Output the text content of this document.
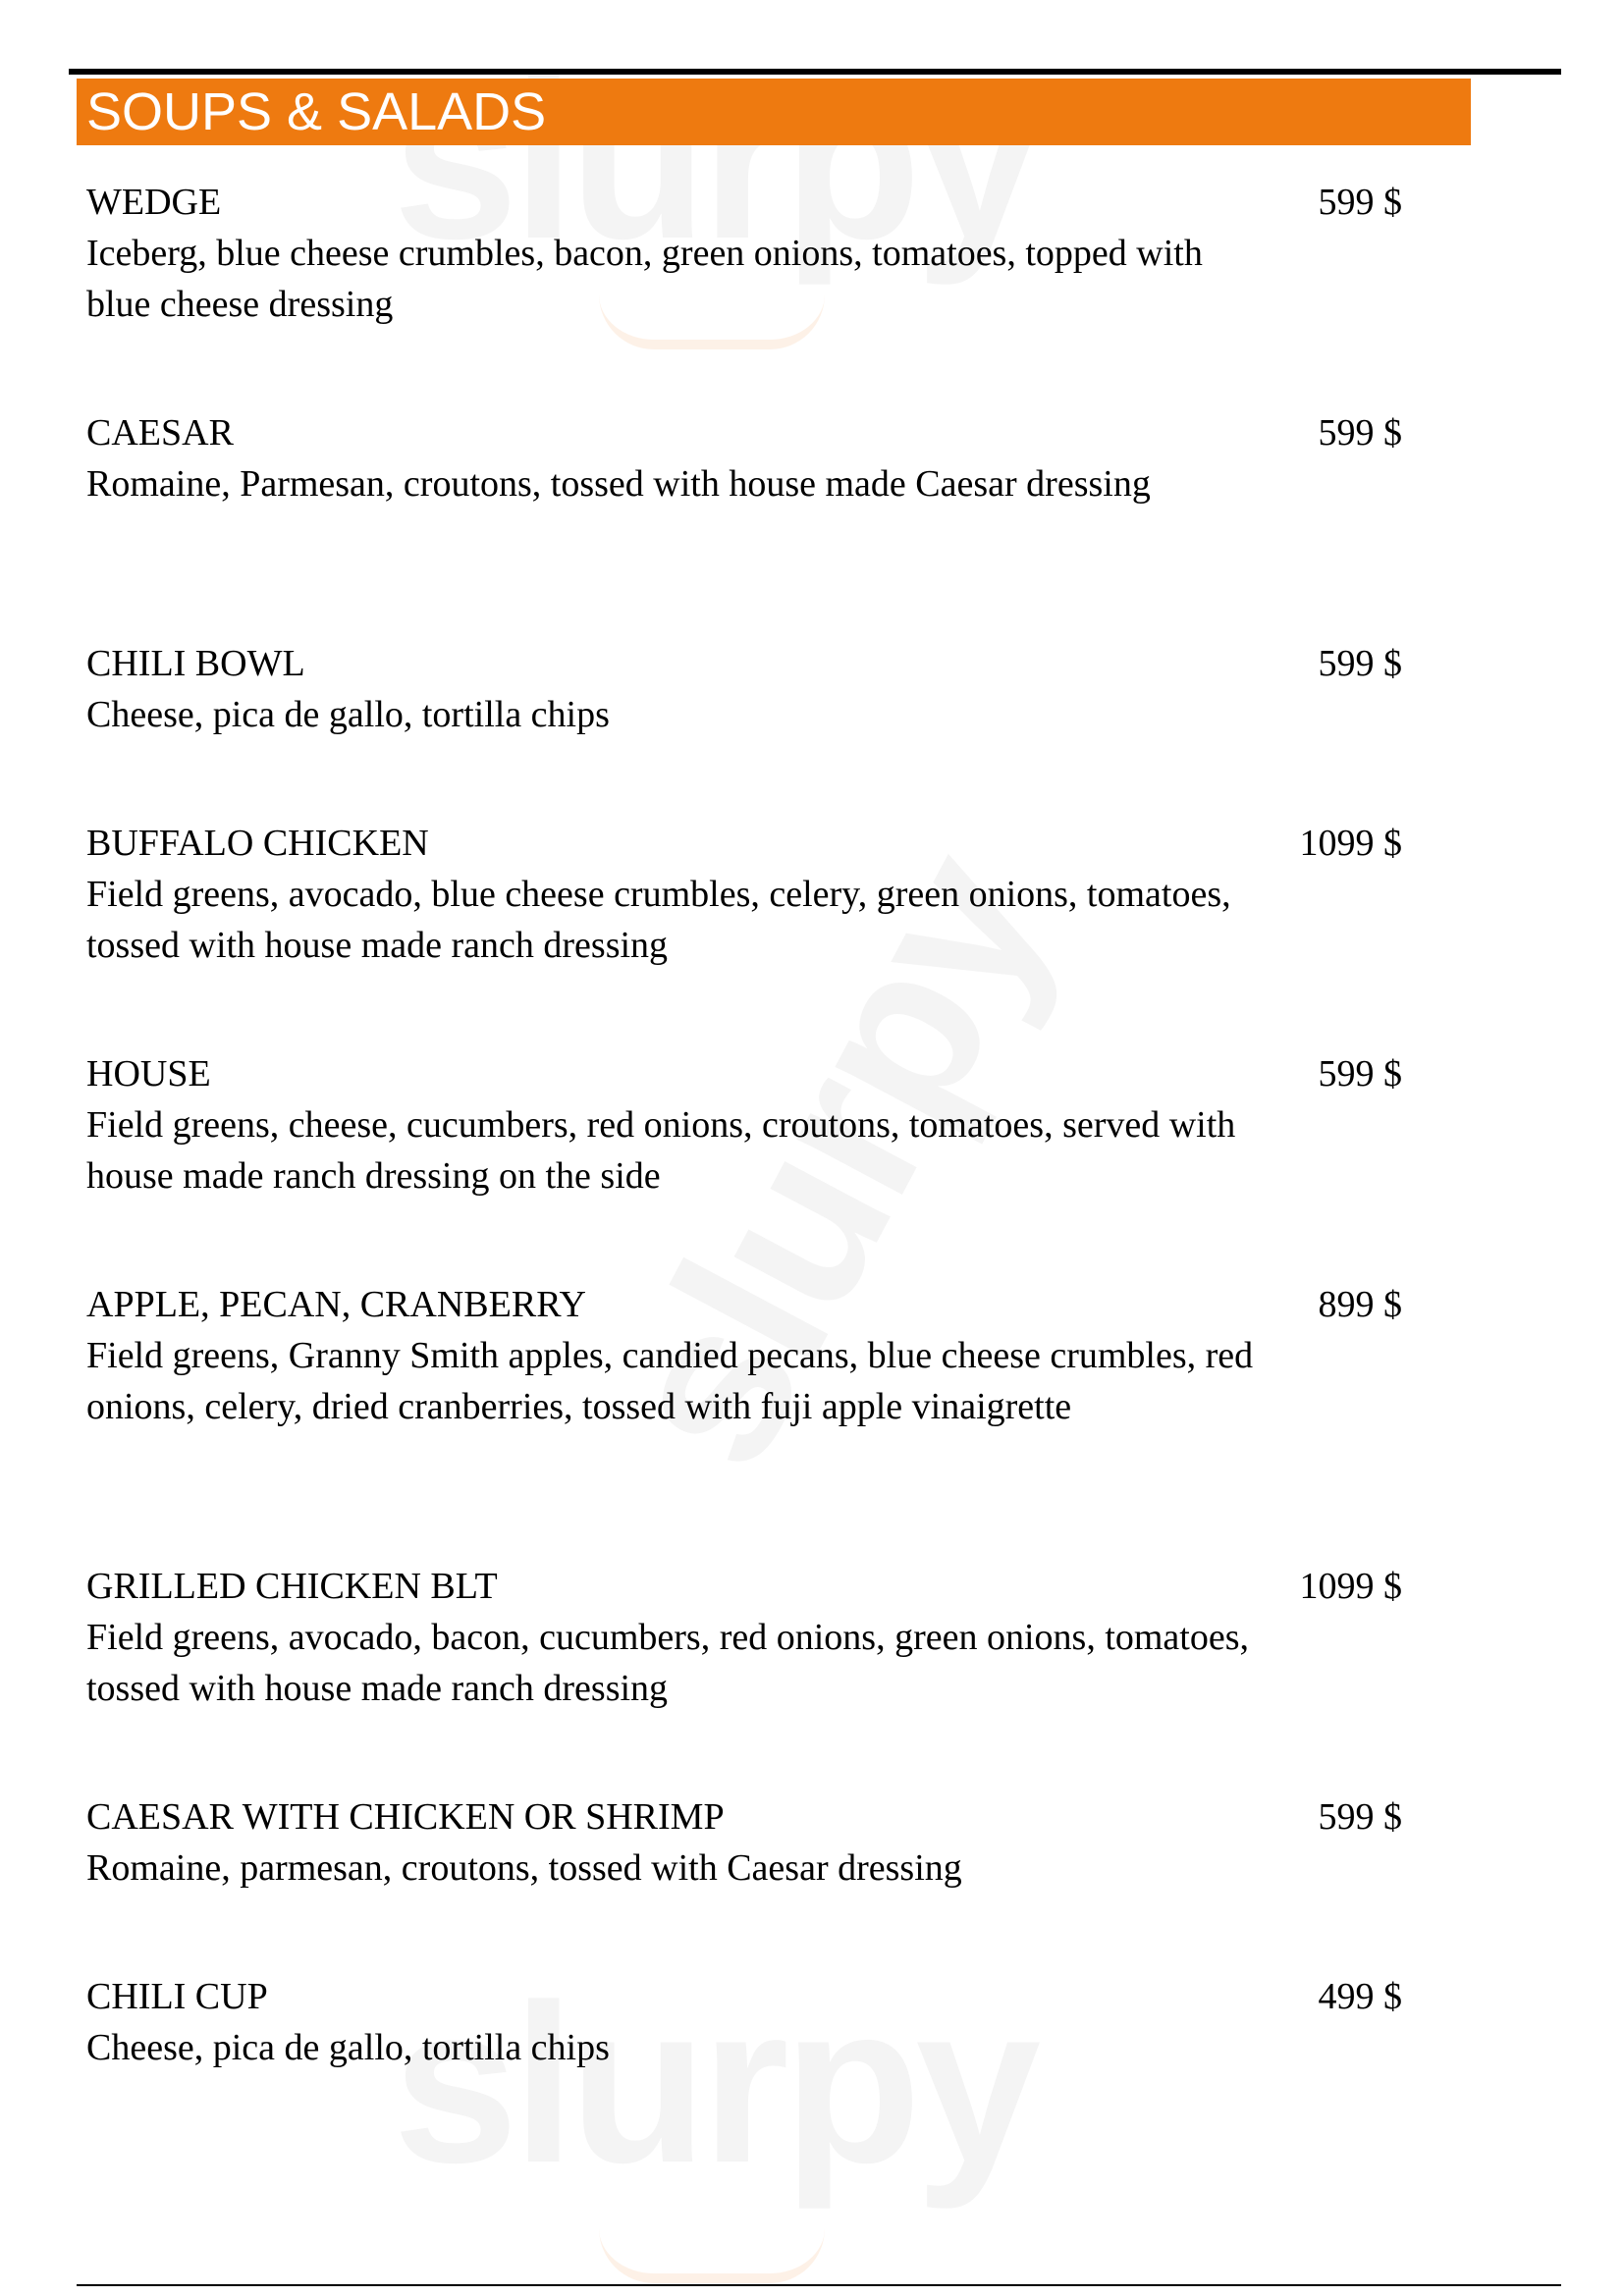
SOUPS & SALADS
WEDGE	599 $
Iceberg, blue cheese crumbles, bacon, green onions, tomatoes, topped with blue cheese dressing
CAESAR	599 $
Romaine, Parmesan, croutons, tossed with house made Caesar dressing
CHILI BOWL	599 $
Cheese, pica de gallo, tortilla chips
BUFFALO CHICKEN	1099 $
Field greens, avocado, blue cheese crumbles, celery, green onions, tomatoes, tossed with house made ranch dressing
HOUSE	599 $
Field greens, cheese, cucumbers, red onions, croutons, tomatoes, served with house made ranch dressing on the side
APPLE, PECAN, CRANBERRY	899 $
Field greens, Granny Smith apples, candied pecans, blue cheese crumbles, red onions, celery, dried cranberries, tossed with fuji apple vinaigrette
GRILLED CHICKEN BLT	1099 $
Field greens, avocado, bacon, cucumbers, red onions, green onions, tomatoes, tossed with house made ranch dressing
CAESAR WITH CHICKEN OR SHRIMP	599 $
Romaine, parmesan, croutons, tossed with Caesar dressing
CHILI CUP	499 $
Cheese, pica de gallo, tortilla chips
